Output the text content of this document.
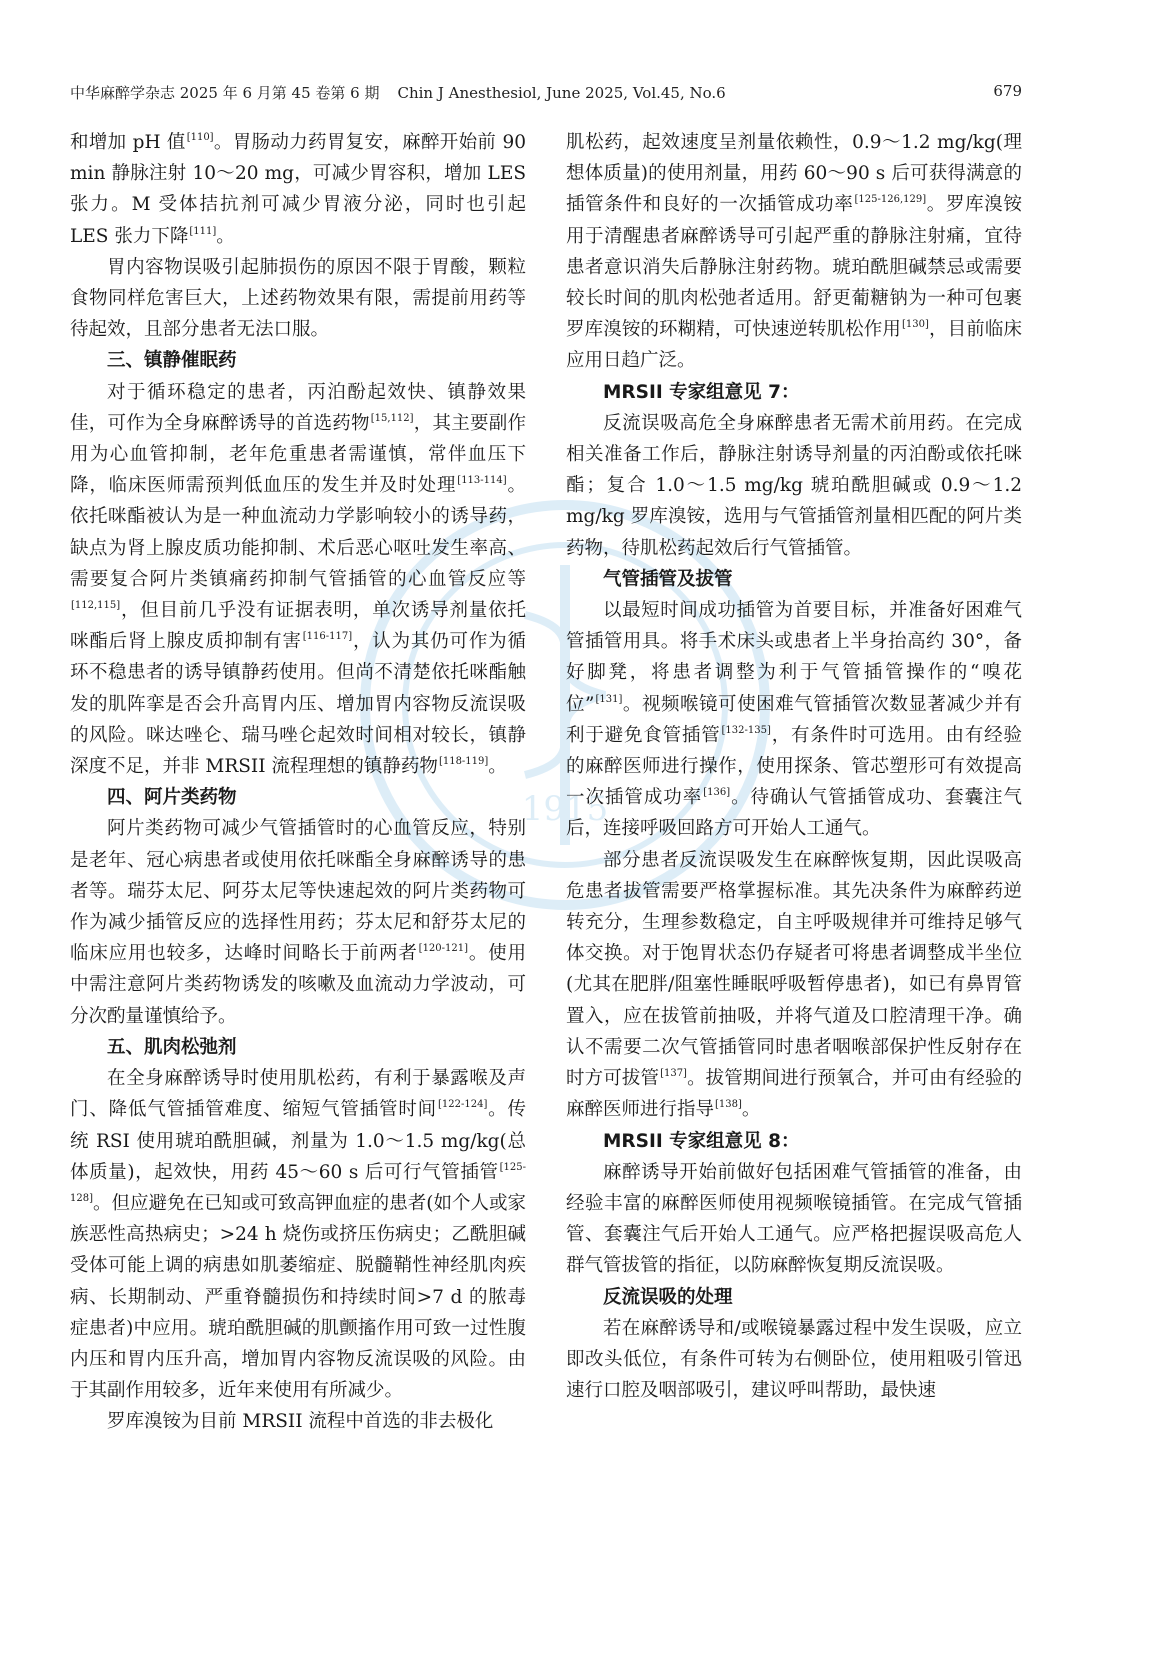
中华麻醉学杂志 2025 年 6 月第 45 卷第 6 期 Chin J Anesthesiol, June 2025, Vol.45, No.6	679
1915

和增加 pH 值[110]。胃肠动力药胃复安，麻醉开始前 90 min 静脉注射 10～20 mg，可减少胃容积，增加 LES 张力。M 受体拮抗剂可减少胃液分泌，同时也引起 LES 张力下降[111]。

胃内容物误吸引起肺损伤的原因不限于胃酸，颗粒食物同样危害巨大，上述药物效果有限，需提前用药等待起效，且部分患者无法口服。

三、镇静催眠药

对于循环稳定的患者，丙泊酚起效快、镇静效果佳，可作为全身麻醉诱导的首选药物[15,112]，其主要副作用为心血管抑制，老年危重患者需谨慎，常伴血压下降，临床医师需预判低血压的发生并及时处理[113-114]。依托咪酯被认为是一种血流动力学影响较小的诱导药，缺点为肾上腺皮质功能抑制、术后恶心呕吐发生率高、需要复合阿片类镇痛药抑制气管插管的心血管反应等[112,115]，但目前几乎没有证据表明，单次诱导剂量依托咪酯后肾上腺皮质抑制有害[116-117]，认为其仍可作为循环不稳患者的诱导镇静药使用。但尚不清楚依托咪酯触发的肌阵挛是否会升高胃内压、增加胃内容物反流误吸的风险。咪达唑仑、瑞马唑仑起效时间相对较长，镇静深度不足，并非 MRSII 流程理想的镇静药物[118-119]。

四、阿片类药物

阿片类药物可减少气管插管时的心血管反应，特别是老年、冠心病患者或使用依托咪酯全身麻醉诱导的患者等。瑞芬太尼、阿芬太尼等快速起效的阿片类药物可作为减少插管反应的选择性用药；芬太尼和舒芬太尼的临床应用也较多，达峰时间略长于前两者[120-121]。使用中需注意阿片类药物诱发的咳嗽及血流动力学波动，可分次酌量谨慎给予。

五、肌肉松弛剂

在全身麻醉诱导时使用肌松药，有利于暴露喉及声门、降低气管插管难度、缩短气管插管时间[122-124]。传统 RSI 使用琥珀酰胆碱，剂量为 1.0～1.5 mg/kg(总体质量)，起效快，用药 45～60 s 后可行气管插管[125-128]。但应避免在已知或可致高钾血症的患者(如个人或家族恶性高热病史；>24 h 烧伤或挤压伤病史；乙酰胆碱受体可能上调的病患如肌萎缩症、脱髓鞘性神经肌肉疾病、长期制动、严重脊髓损伤和持续时间>7 d 的脓毒症患者)中应用。琥珀酰胆碱的肌颤搐作用可致一过性腹内压和胃内压升高，增加胃内容物反流误吸的风险。由于其副作用较多，近年来使用有所减少。

罗库溴铵为目前 MRSII 流程中首选的非去极化

肌松药，起效速度呈剂量依赖性，0.9～1.2 mg/kg(理想体质量)的使用剂量，用药 60～90 s 后可获得满意的插管条件和良好的一次插管成功率[125-126,129]。罗库溴铵用于清醒患者麻醉诱导可引起严重的静脉注射痛，宜待患者意识消失后静脉注射药物。琥珀酰胆碱禁忌或需要较长时间的肌肉松弛者适用。舒更葡糖钠为一种可包裹罗库溴铵的环糊精，可快速逆转肌松作用[130]，目前临床应用日趋广泛。

MRSII 专家组意见 7：

反流误吸高危全身麻醉患者无需术前用药。在完成相关准备工作后，静脉注射诱导剂量的丙泊酚或依托咪酯；复合 1.0～1.5 mg/kg 琥珀酰胆碱或 0.9～1.2 mg/kg 罗库溴铵，选用与气管插管剂量相匹配的阿片类药物，待肌松药起效后行气管插管。

气管插管及拔管

以最短时间成功插管为首要目标，并准备好困难气管插管用具。将手术床头或患者上半身抬高约 30°，备好脚凳，将患者调整为利于气管插管操作的“嗅花位”[131]。视频喉镜可使困难气管插管次数显著减少并有利于避免食管插管[132-135]，有条件时可选用。由有经验的麻醉医师进行操作，使用探条、管芯塑形可有效提高一次插管成功率[136]。待确认气管插管成功、套囊注气后，连接呼吸回路方可开始人工通气。

部分患者反流误吸发生在麻醉恢复期，因此误吸高危患者拔管需要严格掌握标准。其先决条件为麻醉药逆转充分，生理参数稳定，自主呼吸规律并可维持足够气体交换。对于饱胃状态仍存疑者可将患者调整成半坐位(尤其在肥胖/阻塞性睡眠呼吸暂停患者)，如已有鼻胃管置入，应在拔管前抽吸，并将气道及口腔清理干净。确认不需要二次气管插管同时患者咽喉部保护性反射存在时方可拔管[137]。拔管期间进行预氧合，并可由有经验的麻醉医师进行指导[138]。

MRSII 专家组意见 8：

麻醉诱导开始前做好包括困难气管插管的准备，由经验丰富的麻醉医师使用视频喉镜插管。在完成气管插管、套囊注气后开始人工通气。应严格把握误吸高危人群气管拔管的指征，以防麻醉恢复期反流误吸。

反流误吸的处理

若在麻醉诱导和/或喉镜暴露过程中发生误吸，应立即改头低位，有条件可转为右侧卧位，使用粗吸引管迅速行口腔及咽部吸引，建议呼叫帮助，最快速
